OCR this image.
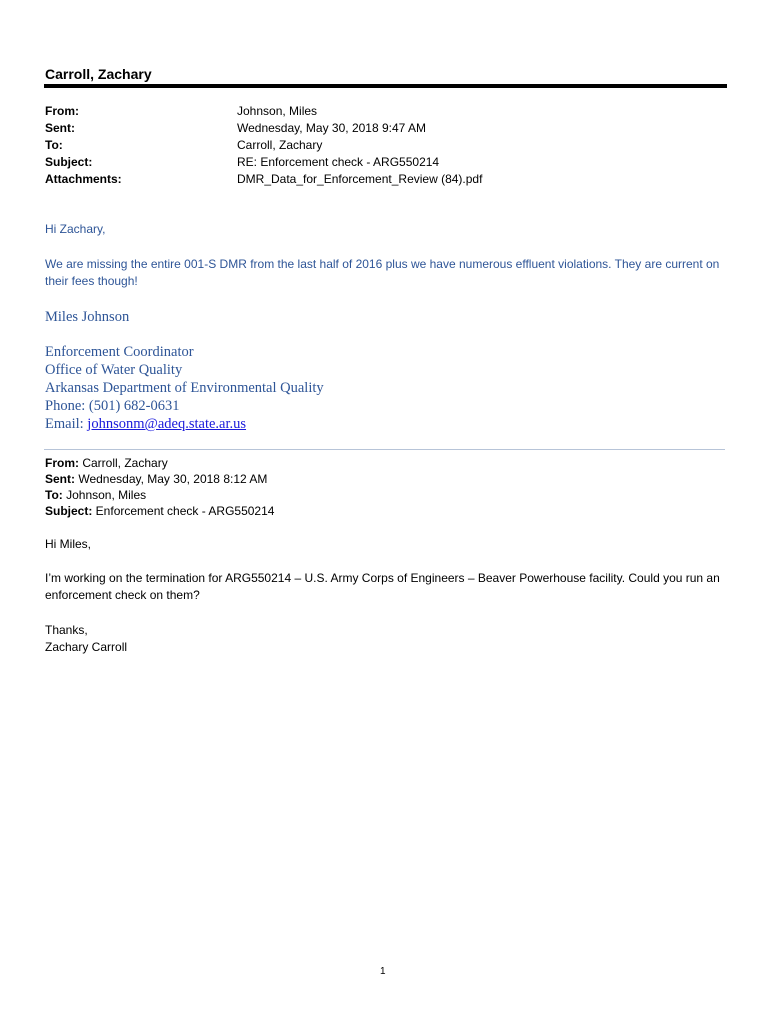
Carroll, Zachary
From:	Johnson, Miles
Sent:	Wednesday, May 30, 2018 9:47 AM
To:	Carroll, Zachary
Subject:	RE: Enforcement check - ARG550214
Attachments:	DMR_Data_for_Enforcement_Review (84).pdf
Hi Zachary,
We are missing the entire 001-S DMR from the last half of 2016 plus we have numerous effluent violations. They are current on their fees though!
Miles Johnson
Enforcement Coordinator
Office of Water Quality
Arkansas Department of Environmental Quality
Phone: (501) 682-0631
Email: johnsonm@adeq.state.ar.us
From: Carroll, Zachary
Sent: Wednesday, May 30, 2018 8:12 AM
To: Johnson, Miles
Subject: Enforcement check - ARG550214
Hi Miles,
I’m working on the termination for ARG550214 – U.S. Army Corps of Engineers – Beaver Powerhouse facility. Could you run an enforcement check on them?
Thanks,
Zachary Carroll
1
